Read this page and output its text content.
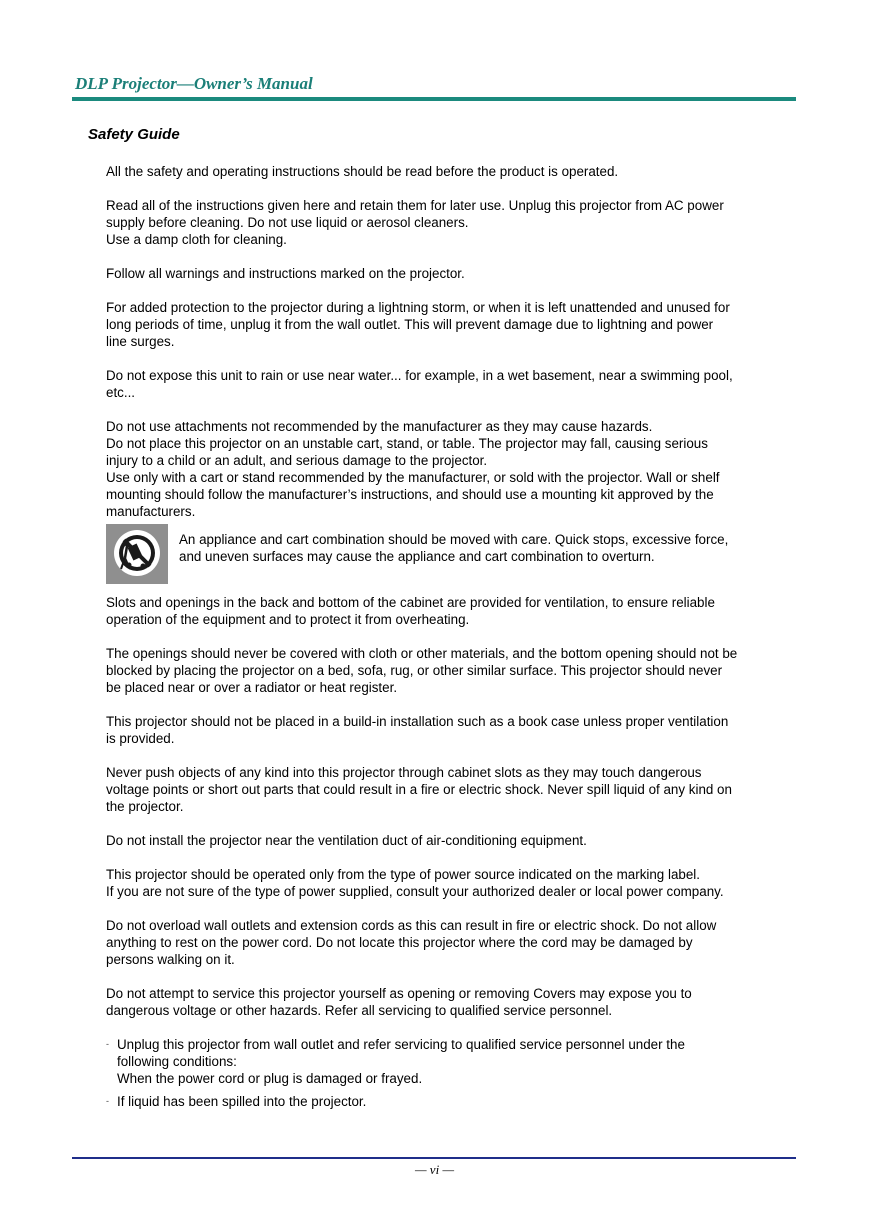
DLP Projector—Owner’s Manual
Safety Guide

All the safety and operating instructions should be read before the product is operated.

Read all of the instructions given here and retain them for later use. Unplug this projector from AC power
supply before cleaning. Do not use liquid or aerosol cleaners.
Use a damp cloth for cleaning.

Follow all warnings and instructions marked on the projector.

For added protection to the projector during a lightning storm, or when it is left unattended and unused for
long periods of time, unplug it from the wall outlet. This will prevent damage due to lightning and power
line surges.

Do not expose this unit to rain or use near water... for example, in a wet basement, near a swimming pool,
etc...

Do not use attachments not recommended by the manufacturer as they may cause hazards.
Do not place this projector on an unstable cart, stand, or table. The projector may fall, causing serious
injury to a child or an adult, and serious damage to the projector.
Use only with a cart or stand recommended by the manufacturer, or sold with the projector. Wall or shelf
mounting should follow the manufacturer’s instructions, and should use a mounting kit approved by the
manufacturers.

An appliance and cart combination should be moved with care. Quick stops, excessive force,
and uneven surfaces may cause the appliance and cart combination to overturn.

Slots and openings in the back and bottom of the cabinet are provided for ventilation, to ensure reliable
operation of the equipment and to protect it from overheating.

The openings should never be covered with cloth or other materials, and the bottom opening should not be
blocked by placing the projector on a bed, sofa, rug, or other similar surface. This projector should never
be placed near or over a radiator or heat register.

This projector should not be placed in a build-in installation such as a book case unless proper ventilation
is provided.

Never push objects of any kind into this projector through cabinet slots as they may touch dangerous
voltage points or short out parts that could result in a fire or electric shock. Never spill liquid of any kind on
the projector.

Do not install the projector near the ventilation duct of air-conditioning equipment.

This projector should be operated only from the type of power source indicated on the marking label.
If you are not sure of the type of power supplied, consult your authorized dealer or local power company.

Do not overload wall outlets and extension cords as this can result in fire or electric shock. Do not allow
anything to rest on the power cord. Do not locate this projector where the cord may be damaged by
persons walking on it.

Do not attempt to service this projector yourself as opening or removing Covers may expose you to
dangerous voltage or other hazards. Refer all servicing to qualified service personnel.

- Unplug this projector from wall outlet and refer servicing to qualified service personnel under the
following conditions:
When the power cord or plug is damaged or frayed.
- If liquid has been spilled into the projector.
— vi —
